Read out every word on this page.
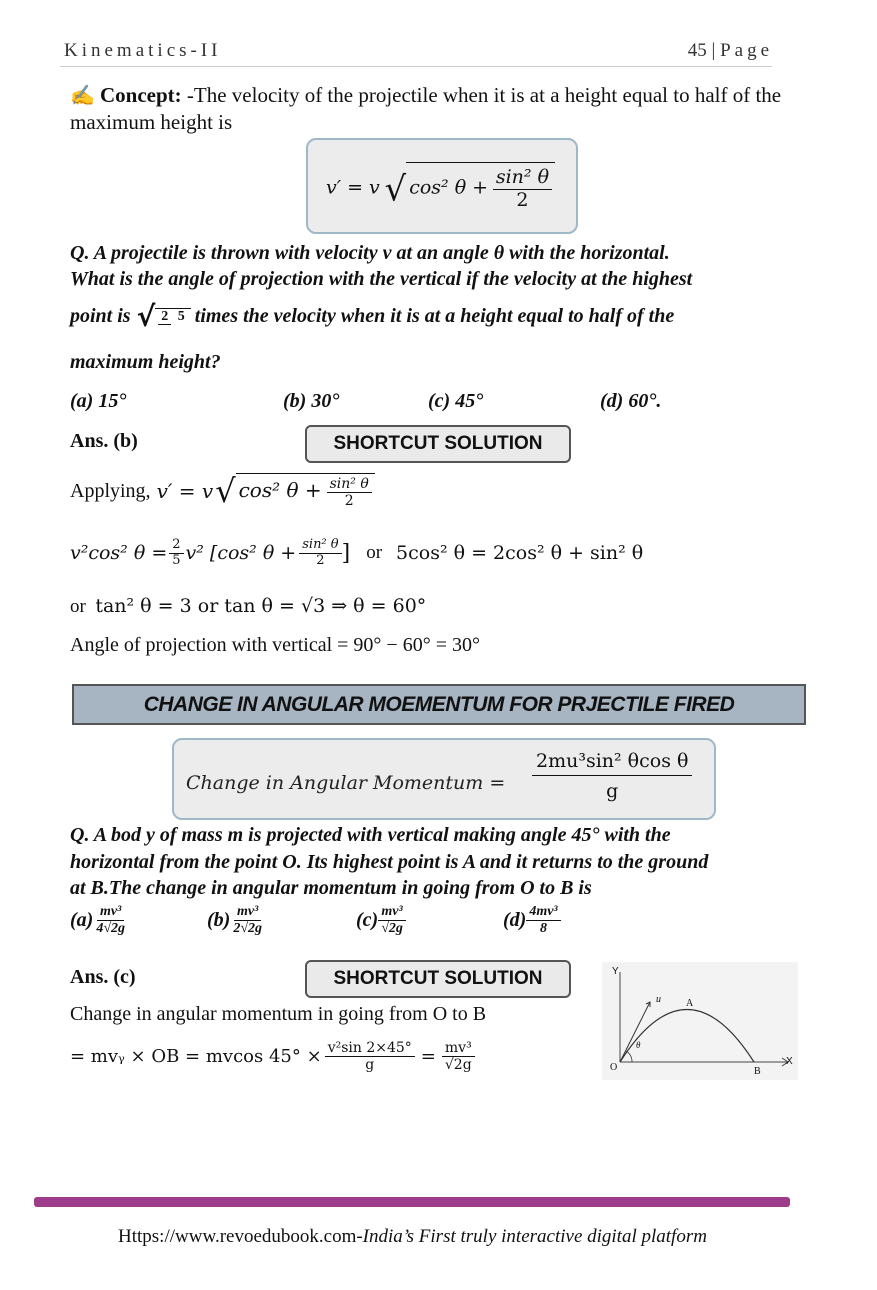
Kinematics-II	45 | Page
✍ Concept: -The velocity of the projectile when it is at a height equal to half of the maximum height is
v′ = v √ cos² $\theta + \frac{\text{sin² θ}}{2}$
Q. A projectile is thrown with velocity v at an angle θ with the horizontal.
What is the angle of projection with the vertical if the velocity at the highest
point is √ 2 5 times the velocity when it is at a height equal to half of the
maximum height?
(a) 15°	(b) 30°	(c) 45°	(d) 60°.
Ans. (b)	SHORTCUT SOLUTION
Applying, v′ = v √ cos² $\theta + \frac{\text{sin² θ}}{2}$
v²cos² $\theta = \frac{2}{5} v^2$ [cos² $\theta + \frac{\text{sin² θ}}{2}$ ] or 5cos² θ = 2cos² θ + sin² θ
or tan² θ = 3 or tan θ = √3 ⇒ θ = 60°
Angle of projection with vertical = 90° − 60° = 30°
CHANGE IN ANGULAR MOEMENTUM FOR PRJECTILE FIRED
Change in Angular Momentum = $\frac{\text{2mu³sin² θcos θ}}{g}$
Q. A bod y of mass m is projected with vertical making angle 45° with the
horizontal from the point O. Its highest point is A and it returns to the ground
at B.The change in angular momentum in going from O to B is
$(a) \frac{\text{mv³}}{4√2g}$	$(b) \frac{\text{mv³}}{2√2g}$	$(c) \frac{\text{mv³}}{√2g}$	$(d) \frac{\text{4mv³}}{8}$
Ans. (c)	SHORTCUT SOLUTION
Change in angular momentum in going from O to B
= mvᵧ × OB = mvcos $45^\circ \times \frac{\text{v²sin 2×45°}}{g} = \frac{\text{mv³}}{√2g}$
Y
X
O
A
B
u
θ
Https://www.revoedubook.com-India’s First truly interactive digital platform
